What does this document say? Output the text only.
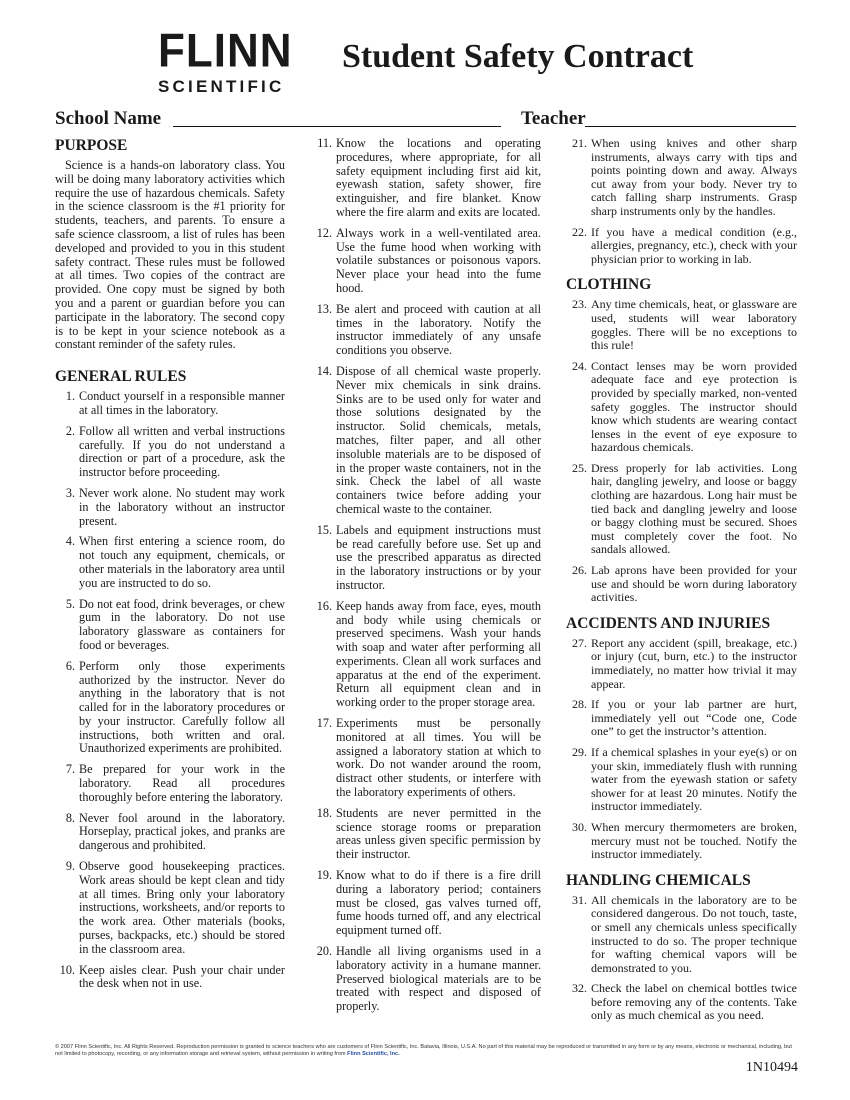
FLINN
SCIENTIFIC
Student Safety Contract
School Name	Teacher
PURPOSE

Science is a hands-on laboratory class. You will be doing many laboratory activities which require the use of hazardous chemicals. Safety in the science classroom is the #1 priority for students, teachers, and parents. To ensure a safe science classroom, a list of rules has been developed and provided to you in this student safety contract. These rules must be followed at all times. Two copies of the contract are provided. One copy must be signed by both you and a parent or guardian before you can participate in the laboratory. The second copy is to be kept in your science notebook as a constant reminder of the safety rules.

GENERAL RULES
1. Conduct yourself in a responsible manner at all times in the laboratory.
2. Follow all written and verbal instructions carefully. If you do not understand a direction or part of a procedure, ask the instructor before proceeding.
3. Never work alone. No student may work in the laboratory without an instructor present.
4. When first entering a science room, do not touch any equipment, chemicals, or other materials in the laboratory area until you are instructed to do so.
5. Do not eat food, drink beverages, or chew gum in the laboratory. Do not use laboratory glassware as containers for food or beverages.
6. Perform only those experiments authorized by the instructor. Never do anything in the laboratory that is not called for in the laboratory procedures or by your instructor. Carefully follow all instructions, both written and oral. Unauthorized experiments are prohibited.
7. Be prepared for your work in the laboratory. Read all procedures thoroughly before entering the laboratory.
8. Never fool around in the laboratory. Horseplay, practical jokes, and pranks are dangerous and prohibited.
9. Observe good housekeeping practices. Work areas should be kept clean and tidy at all times. Bring only your laboratory instructions, worksheets, and/or reports to the work area. Other materials (books, purses, backpacks, etc.) should be stored in the classroom area.
10. Keep aisles clear. Push your chair under the desk when not in use.
11. Know the locations and operating procedures, where appropriate, for all safety equipment including first aid kit, eyewash station, safety shower, fire extinguisher, and fire blanket. Know where the fire alarm and exits are located.
12. Always work in a well-ventilated area. Use the fume hood when working with volatile substances or poisonous vapors. Never place your head into the fume hood.
13. Be alert and proceed with caution at all times in the laboratory. Notify the instructor immediately of any unsafe conditions you observe.
14. Dispose of all chemical waste properly. Never mix chemicals in sink drains. Sinks are to be used only for water and those solutions designated by the instructor. Solid chemicals, metals, matches, filter paper, and all other insoluble materials are to be disposed of in the proper waste containers, not in the sink. Check the label of all waste containers twice before adding your chemical waste to the container.
15. Labels and equipment instructions must be read carefully before use. Set up and use the prescribed apparatus as directed in the laboratory instructions or by your instructor.
16. Keep hands away from face, eyes, mouth and body while using chemicals or preserved specimens. Wash your hands with soap and water after performing all experiments. Clean all work surfaces and apparatus at the end of the experiment. Return all equipment clean and in working order to the proper storage area.
17. Experiments must be personally monitored at all times. You will be assigned a laboratory station at which to work. Do not wander around the room, distract other students, or interfere with the laboratory experiments of others.
18. Students are never permitted in the science storage rooms or preparation areas unless given specific permission by their instructor.
19. Know what to do if there is a fire drill during a laboratory period; containers must be closed, gas valves turned off, fume hoods turned off, and any electrical equipment turned off.
20. Handle all living organisms used in a laboratory activity in a humane manner. Preserved biological materials are to be treated with respect and disposed of properly.
21. When using knives and other sharp instruments, always carry with tips and points pointing down and away. Always cut away from your body. Never try to catch falling sharp instruments. Grasp sharp instruments only by the handles.
22. If you have a medical condition (e.g., allergies, pregnancy, etc.), check with your physician prior to working in lab.
CLOTHING
23. Any time chemicals, heat, or glassware are used, students will wear laboratory goggles. There will be no exceptions to this rule!
24. Contact lenses may be worn provided adequate face and eye protection is provided by specially marked, non-vented safety goggles. The instructor should know which students are wearing contact lenses in the event of eye exposure to hazardous chemicals.
25. Dress properly for lab activities. Long hair, dangling jewelry, and loose or baggy clothing are hazardous. Long hair must be tied back and dangling jewelry and loose or baggy clothing must be secured. Shoes must completely cover the foot. No sandals allowed.
26. Lab aprons have been provided for your use and should be worn during laboratory activities.
ACCIDENTS AND INJURIES
27. Report any accident (spill, breakage, etc.) or injury (cut, burn, etc.) to the instructor immediately, no matter how trivial it may appear.
28. If you or your lab partner are hurt, immediately yell out “Code one, Code one” to get the instructor’s attention.
29. If a chemical splashes in your eye(s) or on your skin, immediately flush with running water from the eyewash station or safety shower for at least 20 minutes. Notify the instructor immediately.
30. When mercury thermometers are broken, mercury must not be touched. Notify the instructor immediately.
HANDLING CHEMICALS
31. All chemicals in the laboratory are to be considered dangerous. Do not touch, taste, or smell any chemicals unless specifically instructed to do so. The proper technique for wafting chemical vapors will be demonstrated to you.
32. Check the label on chemical bottles twice before removing any of the contents. Take only as much chemical as you need.
© 2007 Flinn Scientific, Inc. All Rights Reserved. Reproduction permission is granted to science teachers who are customers of Flinn Scientific, Inc. Batavia, Illinois, U.S.A. No part of this material may be reproduced or transmitted in any form or by any means, electronic or mechanical, including, but not limited to photocopy, recording, or any information storage and retrieval system, without permission in writing from Flinn Scientific, Inc.
1N10494
